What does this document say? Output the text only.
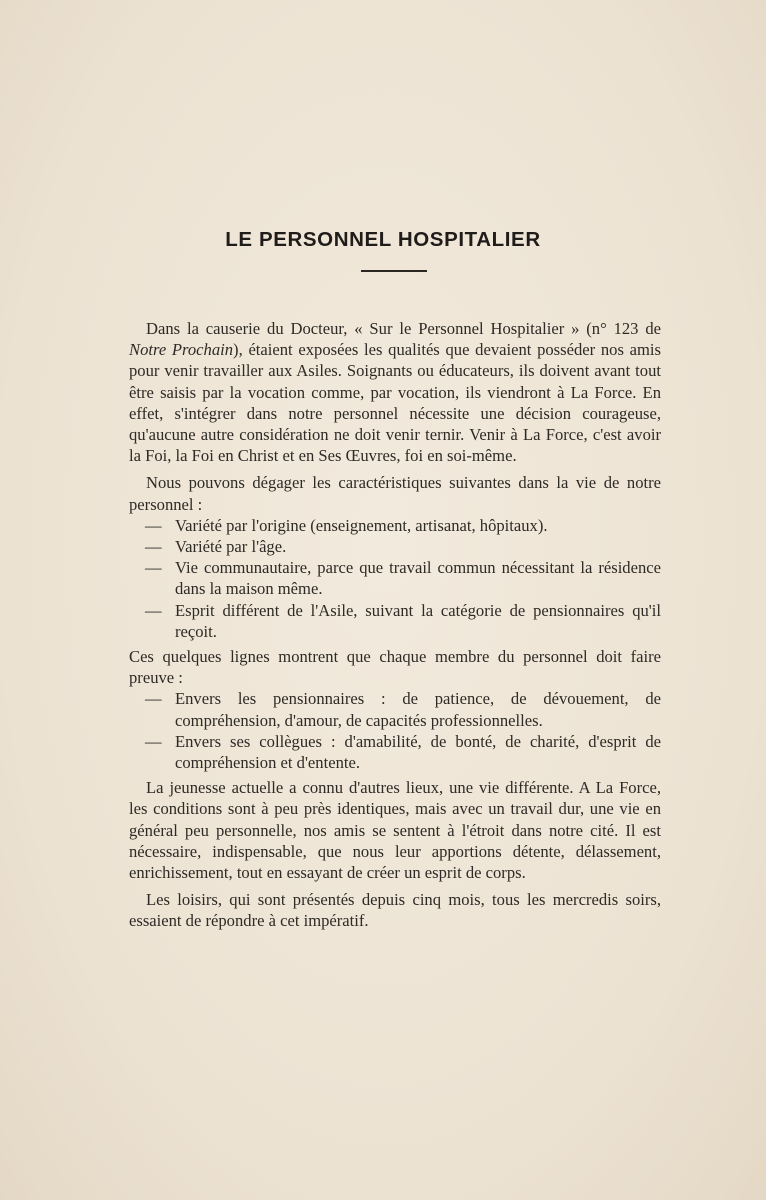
LE PERSONNEL HOSPITALIER

Dans la causerie du Docteur, « Sur le Personnel Hospitalier » (n° 123 de Notre Prochain), étaient exposées les qualités que devaient posséder nos amis pour venir travailler aux Asiles. Soignants ou éducateurs, ils doivent avant tout être saisis par la vocation comme, par vocation, ils viendront à La Force. En effet, s'intégrer dans notre personnel nécessite une décision courageuse, qu'aucune autre considération ne doit venir ternir. Venir à La Force, c'est avoir la Foi, la Foi en Christ et en Ses Œuvres, foi en soi-même.

Nous pouvons dégager les caractéristiques suivantes dans la vie de notre personnel :

— Variété par l'origine (enseignement, artisanat, hôpitaux).
— Variété par l'âge.
— Vie communautaire, parce que travail commun nécessitant la résidence dans la maison même.
— Esprit différent de l'Asile, suivant la catégorie de pensionnaires qu'il reçoit.

Ces quelques lignes montrent que chaque membre du personnel doit faire preuve :

— Envers les pensionnaires : de patience, de dévouement, de compréhension, d'amour, de capacités professionnelles.
— Envers ses collègues : d'amabilité, de bonté, de charité, d'esprit de compréhension et d'entente.

La jeunesse actuelle a connu d'autres lieux, une vie différente. A La Force, les conditions sont à peu près identiques, mais avec un travail dur, une vie en général peu personnelle, nos amis se sentent à l'étroit dans notre cité. Il est nécessaire, indispensable, que nous leur apportions détente, délassement, enrichissement, tout en essayant de créer un esprit de corps.

Les loisirs, qui sont présentés depuis cinq mois, tous les mercredis soirs, essaient de répondre à cet impératif.
